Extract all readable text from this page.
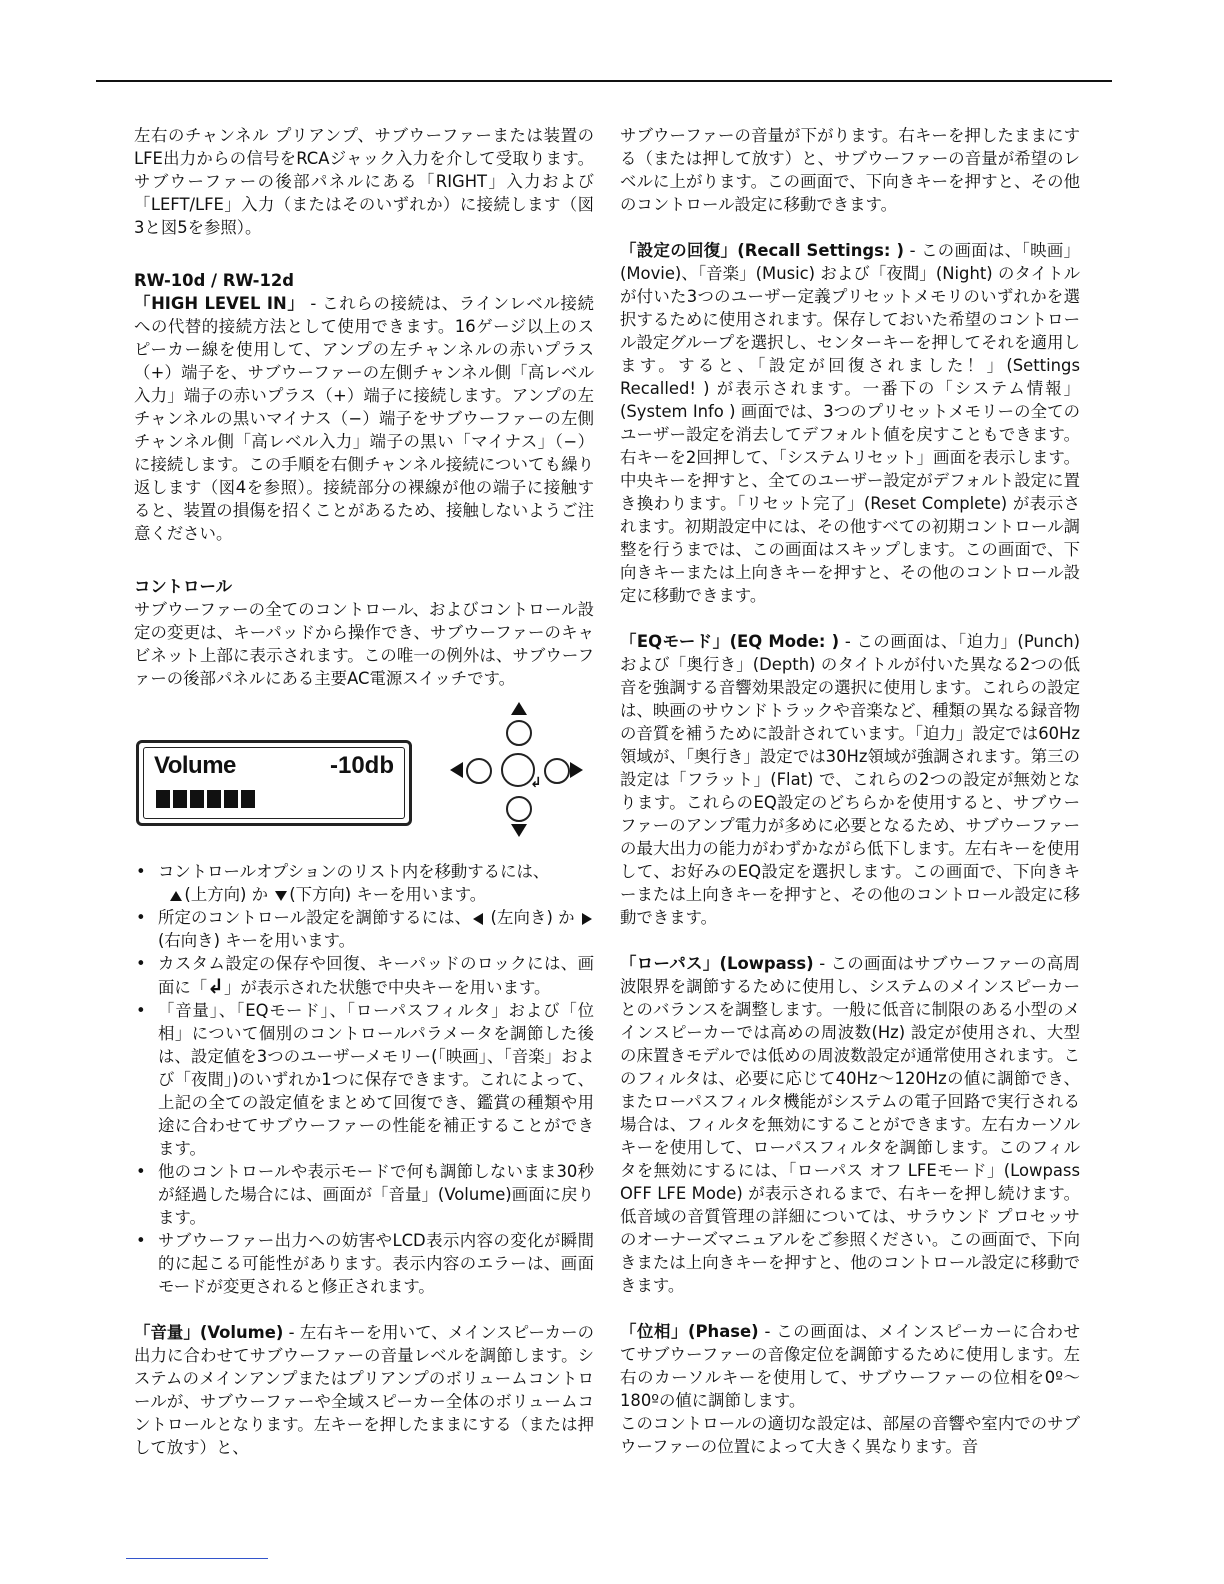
左右のチャンネル プリアンプ、サブウーファーまたは装置のLFE出力からの信号をRCAジャック入力を介して受取ります。サブウーファーの後部パネルにある「RIGHT」入力および「LEFT/LFE」入力（またはそのいずれか）に接続します（図3と図5を参照）。

RW-10d / RW-12d

「HIGH LEVEL IN」 - これらの接続は、ラインレベル接続への代替的接続方法として使用できます。16ゲージ以上のスピーカー線を使用して、アンプの左チャンネルの赤いプラス（+）端子を、サブウーファーの左側チャンネル側「高レベル入力」端子の赤いプラス（+）端子に接続します。アンプの左チャンネルの黒いマイナス（−）端子をサブウーファーの左側チャンネル側「高レベル入力」端子の黒い「マイナス」（−）に接続します。この手順を右側チャンネル接続についても繰り返します（図4を参照）。接続部分の裸線が他の端子に接触すると、装置の損傷を招くことがあるため、接触しないようご注意ください。

コントロール

サブウーファーの全てのコントロール、およびコントロール設定の変更は、キーパッドから操作でき、サブウーファーのキャビネット上部に表示されます。この唯一の例外は、サブウーファーの後部パネルにある主要AC電源スイッチです。

Volume	-10db
↲
• コントロールオプションのリスト内を移動するには、
(上方向) か (下方向) キーを用います。
• 所定のコントロール設定を調節するには、 (左向き) か (右向き) キーを用います。
• カスタム設定の保存や回復、キーパッドのロックには、画面に「↲」が表示された状態で中央キーを用います。
• 「音量」、「EQモード」、「ローパスフィルタ」および「位相」について個別のコントロールパラメータを調節した後は、設定値を3つのユーザーメモリー(「映画」、「音楽」および「夜間」)のいずれか1つに保存できます。これによって、上記の全ての設定値をまとめて回復でき、鑑賞の種類や用途に合わせてサブウーファーの性能を補正することができます。
• 他のコントロールや表示モードで何も調節しないまま30秒が経過した場合には、画面が「音量」(Volume)画面に戻ります。
• サブウーファー出力への妨害やLCD表示内容の変化が瞬間的に起こる可能性があります。表示内容のエラーは、画面モードが変更されると修正されます。

「音量」(Volume) - 左右キーを用いて、メインスピーカーの出力に合わせてサブウーファーの音量レベルを調節します。システムのメインアンプまたはプリアンプのボリュームコントロールが、サブウーファーや全域スピーカー全体のボリュームコントロールとなります。左キーを押したままにする（または押して放す）と、

サブウーファーの音量が下がります。右キーを押したままにする（または押して放す）と、サブウーファーの音量が希望のレベルに上がります。この画面で、下向きキーを押すと、その他のコントロール設定に移動できます。

「設定の回復」(Recall Settings: ) - この画面は、「映画」(Movie)、「音楽」(Music) および「夜間」(Night) のタイトルが付いた3つのユーザー定義プリセットメモリのいずれかを選択するために使用されます。保存しておいた希望のコントロール設定グループを選択し、センターキーを押してそれを適用します。すると、「設定が回復されました！」(Settings Recalled! ) が表示されます。一番下の「システム情報」(System Info ) 画面では、3つのプリセットメモリーの全てのユーザー設定を消去してデフォルト値を戻すこともできます。右キーを2回押して、「システムリセット」画面を表示します。中央キーを押すと、全てのユーザー設定がデフォルト設定に置き換わります。「リセット完了」(Reset Complete) が表示されます。初期設定中には、その他すべての初期コントロール調整を行うまでは、この画面はスキップします。この画面で、下向きキーまたは上向きキーを押すと、その他のコントロール設定に移動できます。

「EQモード」(EQ Mode: ) - この画面は、「迫力」(Punch) および「奥行き」(Depth) のタイトルが付いた異なる2つの低音を強調する音響効果設定の選択に使用します。これらの設定は、映画のサウンドトラックや音楽など、種類の異なる録音物の音質を補うために設計されています。「迫力」設定では60Hz領域が、「奥行き」設定では30Hz領域が強調されます。第三の設定は「フラット」(Flat) で、これらの2つの設定が無効となります。これらのEQ設定のどちらかを使用すると、サブウーファーのアンプ電力が多めに必要となるため、サブウーファーの最大出力の能力がわずかながら低下します。左右キーを使用して、お好みのEQ設定を選択します。この画面で、下向きキーまたは上向きキーを押すと、その他のコントロール設定に移動できます。

「ローパス」(Lowpass) - この画面はサブウーファーの高周波限界を調節するために使用し、システムのメインスピーカーとのバランスを調整します。一般に低音に制限のある小型のメインスピーカーでは高めの周波数(Hz) 設定が使用され、大型の床置きモデルでは低めの周波数設定が通常使用されます。このフィルタは、必要に応じて40Hz〜120Hzの値に調節でき、またローパスフィルタ機能がシステムの電子回路で実行される場合は、フィルタを無効にすることができます。左右カーソルキーを使用して、ローパスフィルタを調節します。このフィルタを無効にするには、「ローパス オフ LFEモード」(Lowpass OFF LFE Mode) が表示されるまで、右キーを押し続けます。低音域の音質管理の詳細については、サラウンド プロセッサのオーナーズマニュアルをご参照ください。この画面で、下向きまたは上向きキーを押すと、他のコントロール設定に移動できます。

「位相」(Phase) - この画面は、メインスピーカーに合わせてサブウーファーの音像定位を調節するために使用します。左右のカーソルキーを使用して、サブウーファーの位相を0º〜180ºの値に調節します。

このコントロールの適切な設定は、部屋の音響や室内でのサブウーファーの位置によって大きく異なります。音
